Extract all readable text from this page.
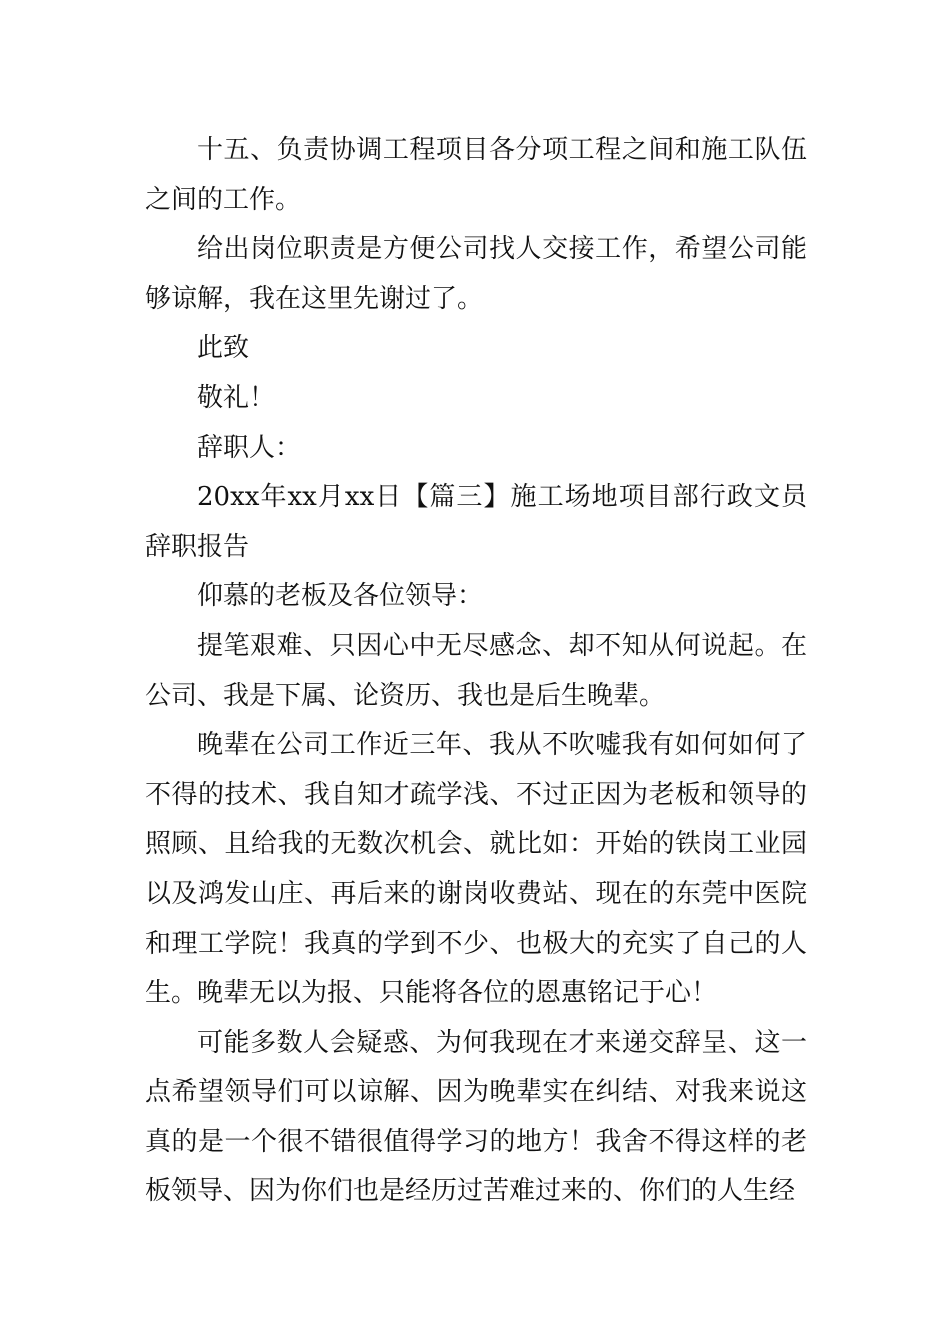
十五、负责协调工程项目各分项工程之间和施工队伍之间的工作。

给出岗位职责是方便公司找人交接工作，希望公司能够谅解，我在这里先谢过了。

此致

敬礼！

辞职人：

20xx年xx月xx日【篇三】施工场地项目部行政文员辞职报告

仰慕的老板及各位领导：

提笔艰难、只因心中无尽感念、却不知从何说起。在公司、我是下属、论资历、我也是后生晚辈。

晚辈在公司工作近三年、我从不吹嘘我有如何如何了不得的技术、我自知才疏学浅、不过正因为老板和领导的照顾、且给我的无数次机会、就比如：开始的铁岗工业园以及鸿发山庄、再后来的谢岗收费站、现在的东莞中医院和理工学院！我真的学到不少、也极大的充实了自己的人生。晚辈无以为报、只能将各位的恩惠铭记于心！

可能多数人会疑惑、为何我现在才来递交辞呈、这一点希望领导们可以谅解、因为晚辈实在纠结、对我来说这真的是一个很不错很值得学习的地方！我舍不得这样的老板领导、因为你们也是经历过苦难过来的、你们的人生经
